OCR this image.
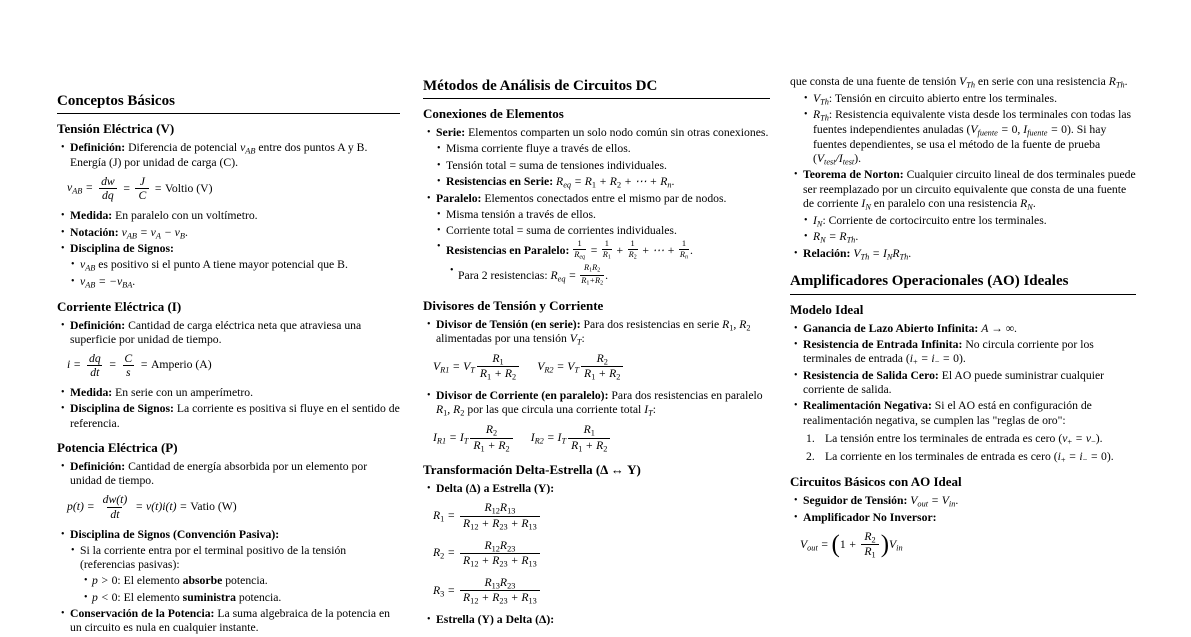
Conceptos Básicos
Tensión Eléctrica (V)
• Definición: Diferencia de potencial $v_{AB}$ entre dos puntos A y B. Energía (J) por unidad de carga (C).
$v_{AB} = \frac{dw}{dq} = \frac{J}{C}$ = Voltio (V)
• Medida: En paralelo con un voltímetro.
• Notación: $v_{AB} = v_A - v_B$.
• Disciplina de Signos:
• $v_{AB}$ es positivo si el punto A tiene mayor potencial que B.
• $v_{AB} = -v_{BA}$.
Corriente Eléctrica (I)
• Definición: Cantidad de carga eléctrica neta que atraviesa una superficie por unidad de tiempo.
$i = \frac{dq}{dt} = \frac{C}{s}$ = Amperio (A)
• Medida: En serie con un amperímetro.
• Disciplina de Signos: La corriente es positiva si fluye en el sentido de referencia.
Potencia Eléctrica (P)
• Definición: Cantidad de energía absorbida por un elemento por unidad de tiempo.
$p(t) = \frac{dw(t)}{dt} = v(t)i(t)$ = Vatio (W)
• Disciplina de Signos (Convención Pasiva):
• Si la corriente entra por el terminal positivo de la tensión (referencias pasivas):
• p > 0: El elemento absorbe potencia.
• p < 0: El elemento suministra potencia.
• Conservación de la Potencia: La suma algebraica de la potencia en un circuito es nula en cualquier instante.
Métodos de Análisis de Circuitos DC
Conexiones de Elementos
• Serie: Elementos comparten un solo nodo común sin otras conexiones.
• Misma corriente fluye a través de ellos.
• Tensión total = suma de tensiones individuales.
• Resistencias en Serie: $R_{eq} = R_1 + R_2$ + ⋯ + $R_n$.
• Paralelo: Elementos conectados entre el mismo par de nodos.
• Misma tensión a través de ellos.
• Corriente total = suma de corrientes individuales.
• Resistencias en Paralelo:
1
$R_{eq}$
= $\frac{1}{R_1} + \frac{1}{R_2}$ + ⋯ + $\frac{1}{R_n}$ .
• Para 2 resistencias: $R_{eq} = \frac{R_1R_2}{R_1+R_2}$ .
Divisores de Tensión y Corriente
• Divisor de Tensión (en serie): Para dos resistencias en serie $R_1$, $R_2$ alimentadas por una tensión $V_T$:
$V_{R1} = V_T \frac{R_1}{R_1 + R_2} V_{R2} = V_T \frac{R_2}{R_1 + R_2}$
• Divisor de Corriente (en paralelo): Para dos resistencias en paralelo $R_1$, $R_2$ por las que circula una corriente total $I_T$:
$I_{R1} = I_T \frac{R_2}{R_1 + R_2} I_{R2} = I_T \frac{R_1}{R_1 + R_2}$
Transformación Delta-Estrella (Δ ↔ Y)
• Delta (Δ) a Estrella (Y):
$R_1 = \frac{R_{12}R_{13}}{R_{12} + R_{23} + R_{13}}$
$R_2 = \frac{R_{12}R_{23}}{R_{12} + R_{23} + R_{13}}$
$R_3 = \frac{R_{13}R_{23}}{R_{12} + R_{23} + R_{13}}$
• Estrella (Y) a Delta (Δ):
que consta de una fuente de tensión $V_{Th}$ en serie con una resistencia $R_{Th}$.
• $V_{Th}$: Tensión en circuito abierto entre los terminales.
• $R_{Th}$: Resistencia equivalente vista desde los terminales con todas las fuentes independientes anuladas ($V_{fuente} = 0$, $I_{fuente} = 0$). Si hay fuentes dependientes, se usa el método de la fuente de prueba $(V_{test}/I_{test})$.
• Teorema de Norton: Cualquier circuito lineal de dos terminales puede ser reemplazado por un circuito equivalente que consta de una fuente de corriente $I_N$ en paralelo con una resistencia $R_N$.
• $I_N$: Corriente de cortocircuito entre los terminales.
• $R_N = R_{Th}$.
• Relación: $V_{Th} = I_NR_{Th}$.
Amplificadores Operacionales (AO) Ideales
Modelo Ideal
• Ganancia de Lazo Abierto Infinita: A → ∞.
• Resistencia de Entrada Infinita: No circula corriente por los terminales de entrada $(i_+ = i_- = 0)$.
• Resistencia de Salida Cero: El AO puede suministrar cualquier corriente de salida.
• Realimentación Negativa: Si el AO está en configuración de realimentación negativa, se cumplen las "reglas de oro":
1. La tensión entre los terminales de entrada es cero $(v_+ = v_-)$.
2. La corriente en los terminales de entrada es cero $(i_+ = i_- = 0)$.
Circuitos Básicos con AO Ideal
• Seguidor de Tensión: $V_{out} = V_{in}$.
• Amplificador No Inversor:
$V_{out}$ = ( $1 + \frac{R_2}{R_1}$ ) $V_{in}$
